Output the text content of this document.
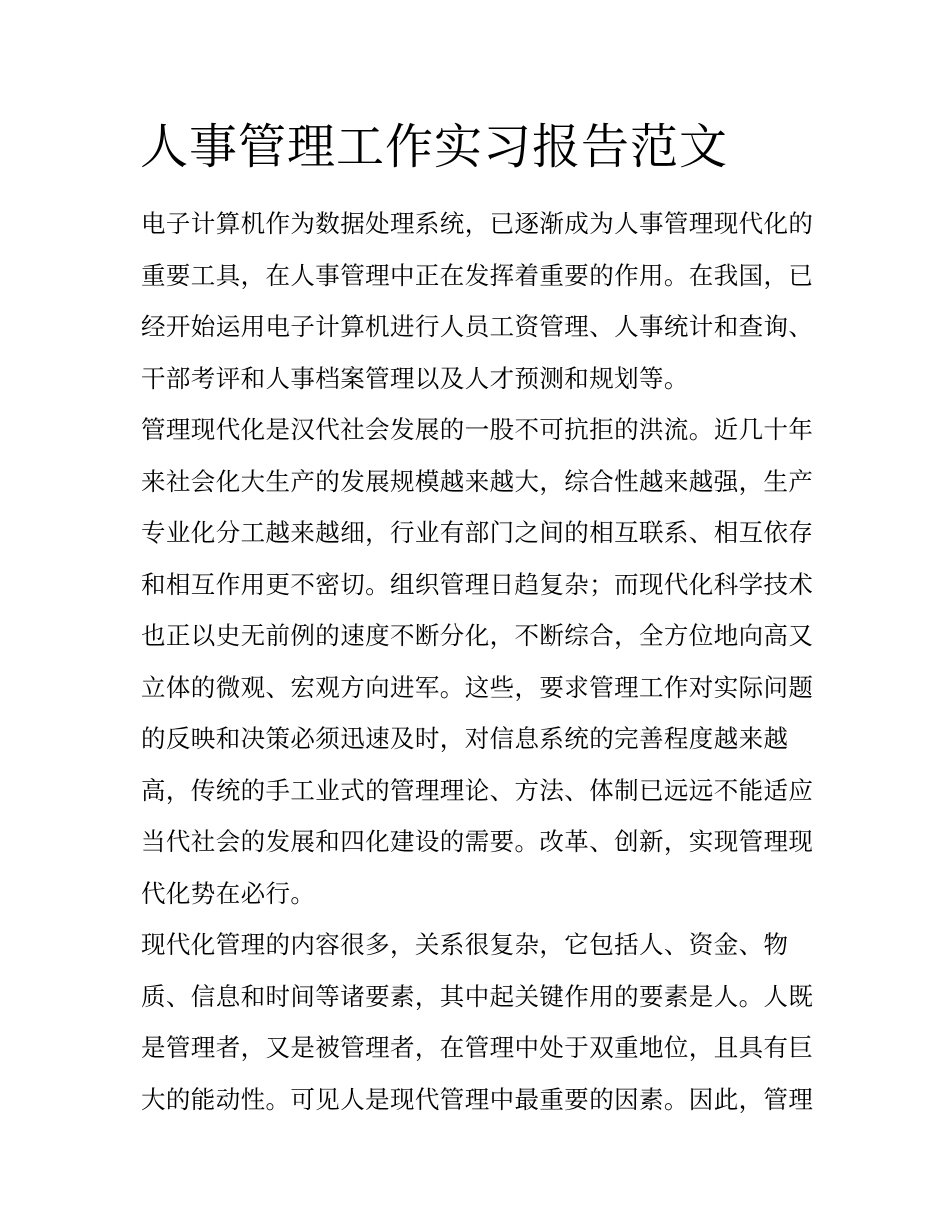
人事管理工作实习报告范文
电子计算机作为数据处理系统，已逐渐成为人事管理现代化的
重要工具，在人事管理中正在发挥着重要的作用。在我国，已
经开始运用电子计算机进行人员工资管理、人事统计和查询、
干部考评和人事档案管理以及人才预测和规划等。
管理现代化是汉代社会发展的一股不可抗拒的洪流。近几十年
来社会化大生产的发展规模越来越大，综合性越来越强，生产
专业化分工越来越细，行业有部门之间的相互联系、相互依存
和相互作用更不密切。组织管理日趋复杂；而现代化科学技术
也正以史无前例的速度不断分化，不断综合，全方位地向高又
立体的微观、宏观方向进军。这些，要求管理工作对实际问题
的反映和决策必须迅速及时，对信息系统的完善程度越来越
高，传统的手工业式的管理理论、方法、体制已远远不能适应
当代社会的发展和四化建设的需要。改革、创新，实现管理现
代化势在必行。
现代化管理的内容很多，关系很复杂，它包括人、资金、物
质、信息和时间等诸要素，其中起关键作用的要素是人。人既
是管理者，又是被管理者，在管理中处于双重地位，且具有巨
大的能动性。可见人是现代管理中最重要的因素。因此，管理
